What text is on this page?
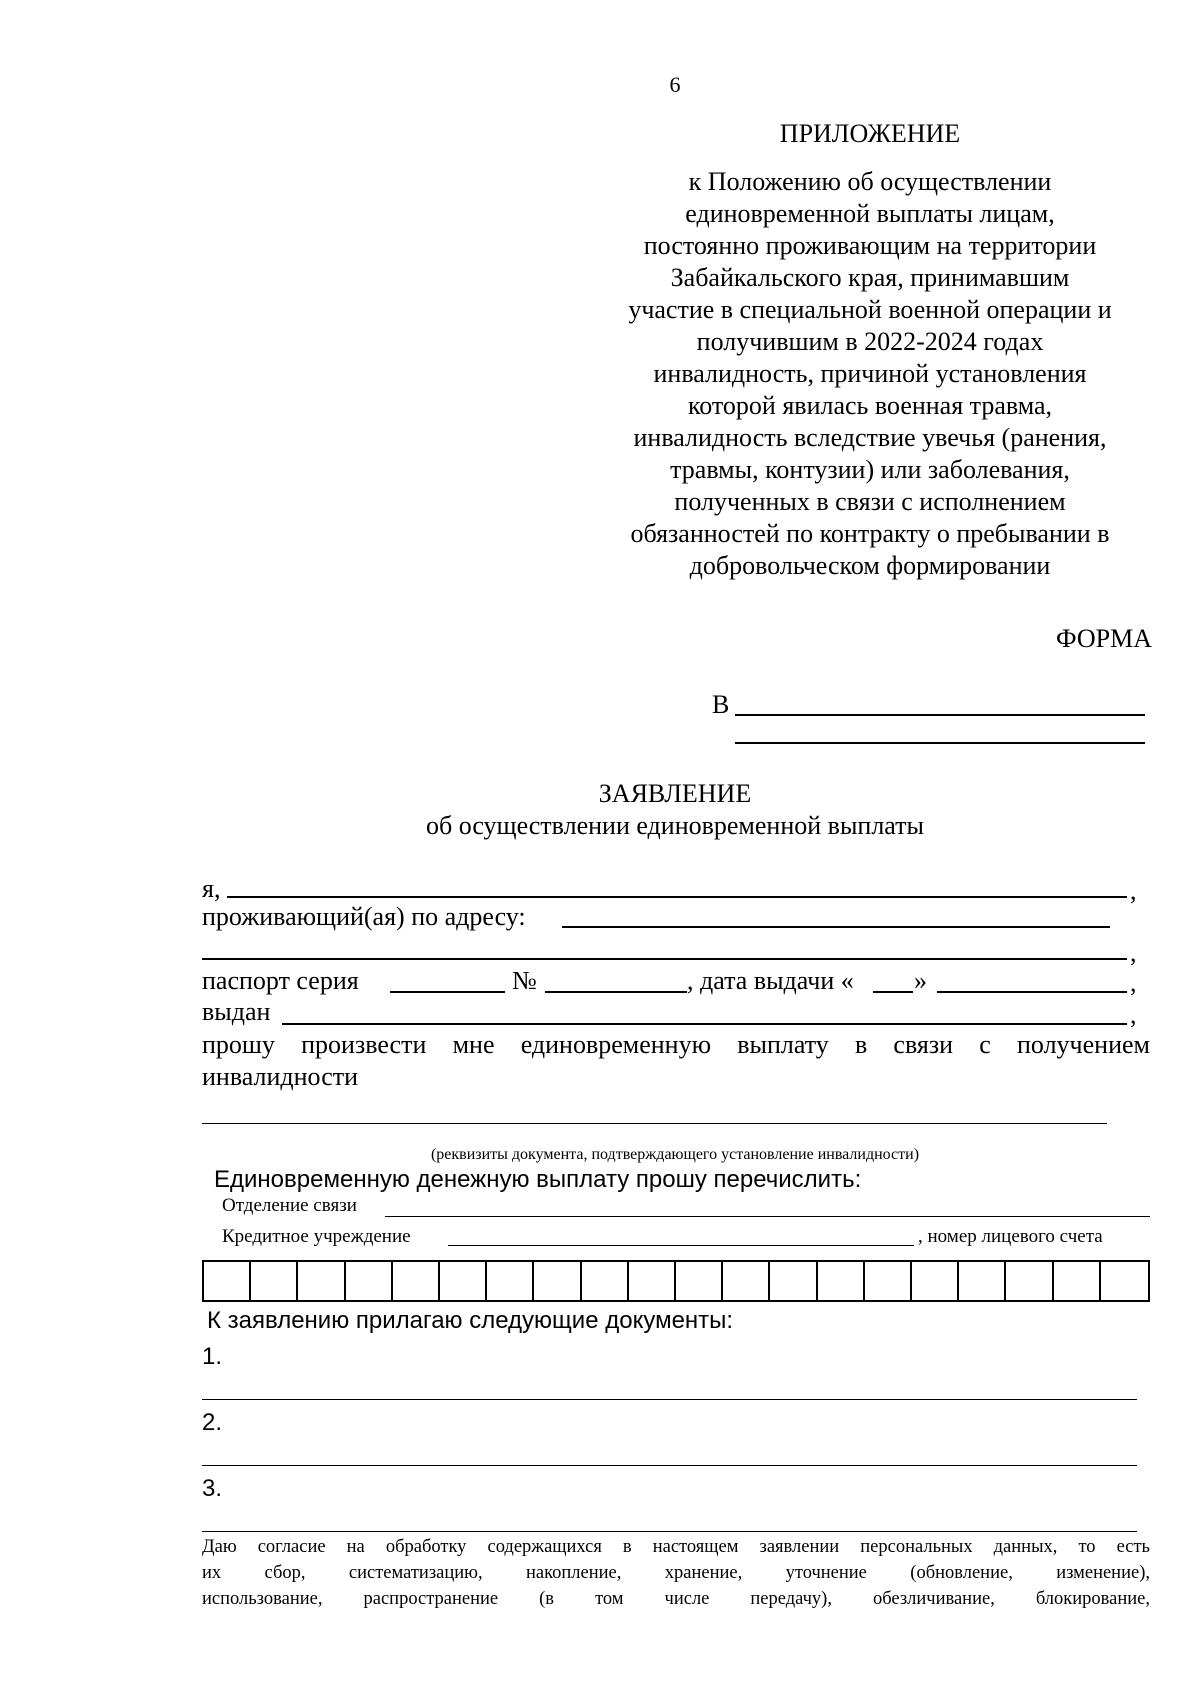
6
ПРИЛОЖЕНИЕ
к Положению об осуществлении
единовременной выплаты лицам,
постоянно проживающим на территории
Забайкальского края, принимавшим
участие в специальной военной операции и
получившим в 2022-2024 годах
инвалидность, причиной установления
которой явилась военная травма,
инвалидность вследствие увечья (ранения,
травмы, контузии) или заболевания,
полученных в связи с исполнением
обязанностей по контракту о пребывании в
добровольческом формировании
ФОРМА
В
ЗАЯВЛЕНИЕ
об осуществлении единовременной выплаты
я,	,
проживающий(ая) по адресу:
,
паспорт серия	№	, дата выдачи « »	,
выдан	,
прошу произвести мне единовременную выплату в связи с получением инвалидности
(реквизиты документа, подтверждающего установление инвалидности)
Единовременную денежную выплату прошу перечислить:
Отделение связи
Кредитное учреждение	, номер лицевого счета
К заявлению прилагаю следующие документы:
1.
2.
3.
Даю согласие на обработку содержащихся в настоящем заявлении персональных данных, то есть
их сбор, систематизацию, накопление, хранение, уточнение (обновление, изменение),
использование, распространение (в том числе передачу), обезличивание, блокирование,
